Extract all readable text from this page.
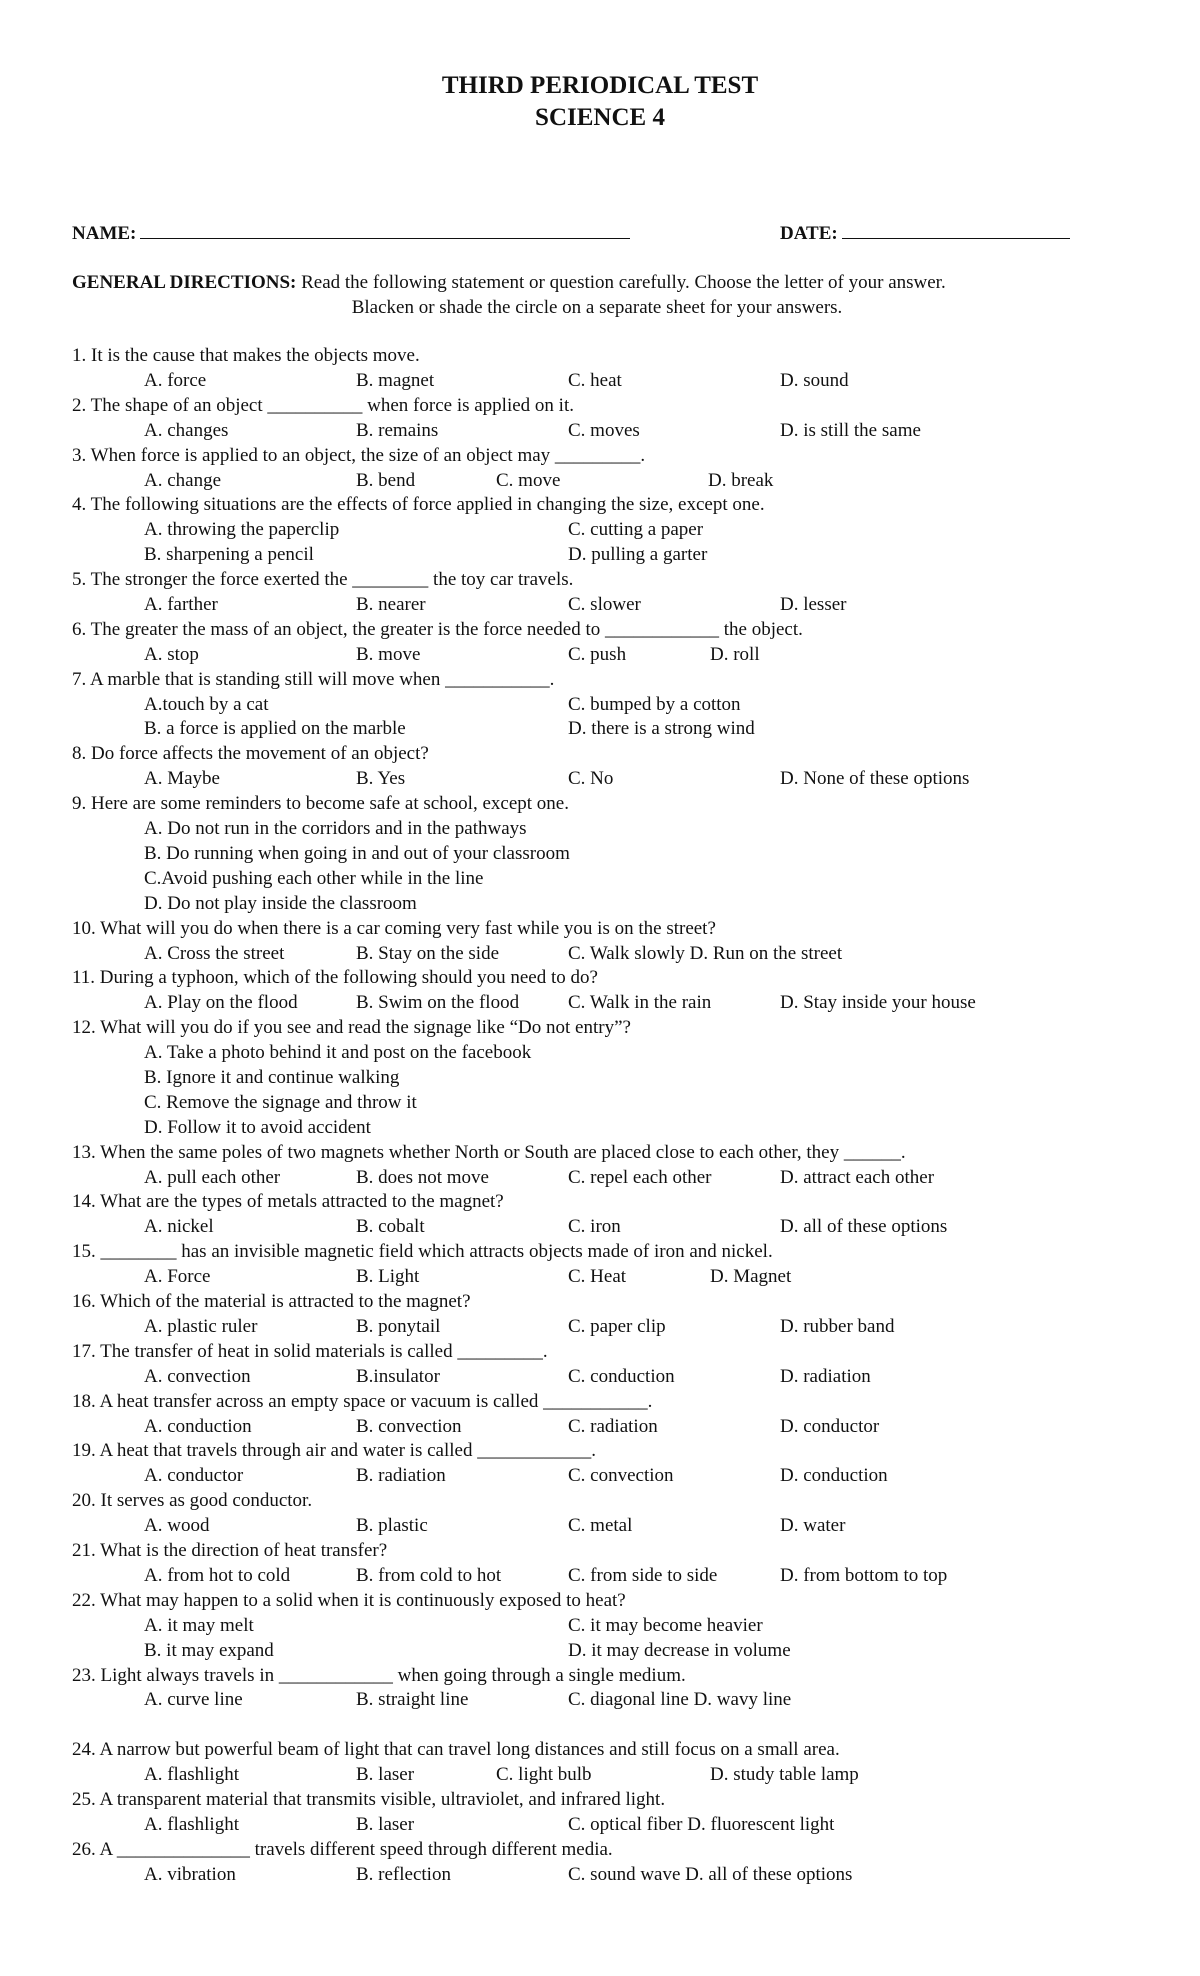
THIRD PERIODICAL TEST
SCIENCE 4
NAME:	DATE:
GENERAL DIRECTIONS: Read the following statement or question carefully. Choose the letter of your answer.
Blacken or shade the circle on a separate sheet for your answers.
1. It is the cause that makes the objects move.
A. force	B. magnet	C. heat	D. sound
2. The shape of an object __________ when force is applied on it.
A. changes	B. remains	C. moves	D. is still the same
3. When force is applied to an object, the size of an object may _________.
A. change	B. bend	C. move	D. break
4. The following situations are the effects of force applied in changing the size, except one.
A. throwing the paperclip	C. cutting a paper
B. sharpening a pencil	D. pulling a garter
5. The stronger the force exerted the ________ the toy car travels.
A. farther	B. nearer	C. slower	D. lesser
6. The greater the mass of an object, the greater is the force needed to ____________ the object.
A. stop	B. move	C. push	D. roll
7. A marble that is standing still will move when ___________.
A.touch by a cat	C. bumped by a cotton
B. a force is applied on the marble	D. there is a strong wind
8. Do force affects the movement of an object?
A. Maybe	B. Yes	C. No	D. None of these options
9. Here are some reminders to become safe at school, except one.
A. Do not run in the corridors and in the pathways
B. Do running when going in and out of your classroom
C.Avoid pushing each other while in the line
D. Do not play inside the classroom
10. What will you do when there is a car coming very fast while you is on the street?
A. Cross the street	B. Stay on the side	C. Walk slowly D. Run on the street
11. During a typhoon, which of the following should you need to do?
A. Play on the flood	B. Swim on the flood	C. Walk in the rain	D. Stay inside your house
12. What will you do if you see and read the signage like “Do not entry”?
A. Take a photo behind it and post on the facebook
B. Ignore it and continue walking
C. Remove the signage and throw it
D. Follow it to avoid accident
13. When the same poles of two magnets whether North or South are placed close to each other, they ______.
A. pull each other	B. does not move	C. repel each other	D. attract each other
14. What are the types of metals attracted to the magnet?
A. nickel	B. cobalt	C. iron	D. all of these options
15. ________ has an invisible magnetic field which attracts objects made of iron and nickel.
A. Force	B. Light	C. Heat	D. Magnet
16. Which of the material is attracted to the magnet?
A. plastic ruler	B. ponytail	C. paper clip	D. rubber band
17. The transfer of heat in solid materials is called _________.
A. convection	B.insulator	C. conduction	D. radiation
18. A heat transfer across an empty space or vacuum is called ___________.
A. conduction	B. convection	C. radiation	D. conductor
19. A heat that travels through air and water is called ____________.
A. conductor	B. radiation	C. convection	D. conduction
20. It serves as good conductor.
A. wood	B. plastic	C. metal	D. water
21. What is the direction of heat transfer?
A. from hot to cold	B. from cold to hot	C. from side to side	D. from bottom to top
22. What may happen to a solid when it is continuously exposed to heat?
A. it may melt	C. it may become heavier
B. it may expand	D. it may decrease in volume
23. Light always travels in ____________ when going through a single medium.
A. curve line	B. straight line	C. diagonal line D. wavy line
24. A narrow but powerful beam of light that can travel long distances and still focus on a small area.
A. flashlight	B. laser	C. light bulb	D. study table lamp
25. A transparent material that transmits visible, ultraviolet, and infrared light.
A. flashlight	B. laser	C. optical fiber D. fluorescent light
26. A ______________ travels different speed through different media.
A. vibration	B. reflection	C. sound wave D. all of these options
